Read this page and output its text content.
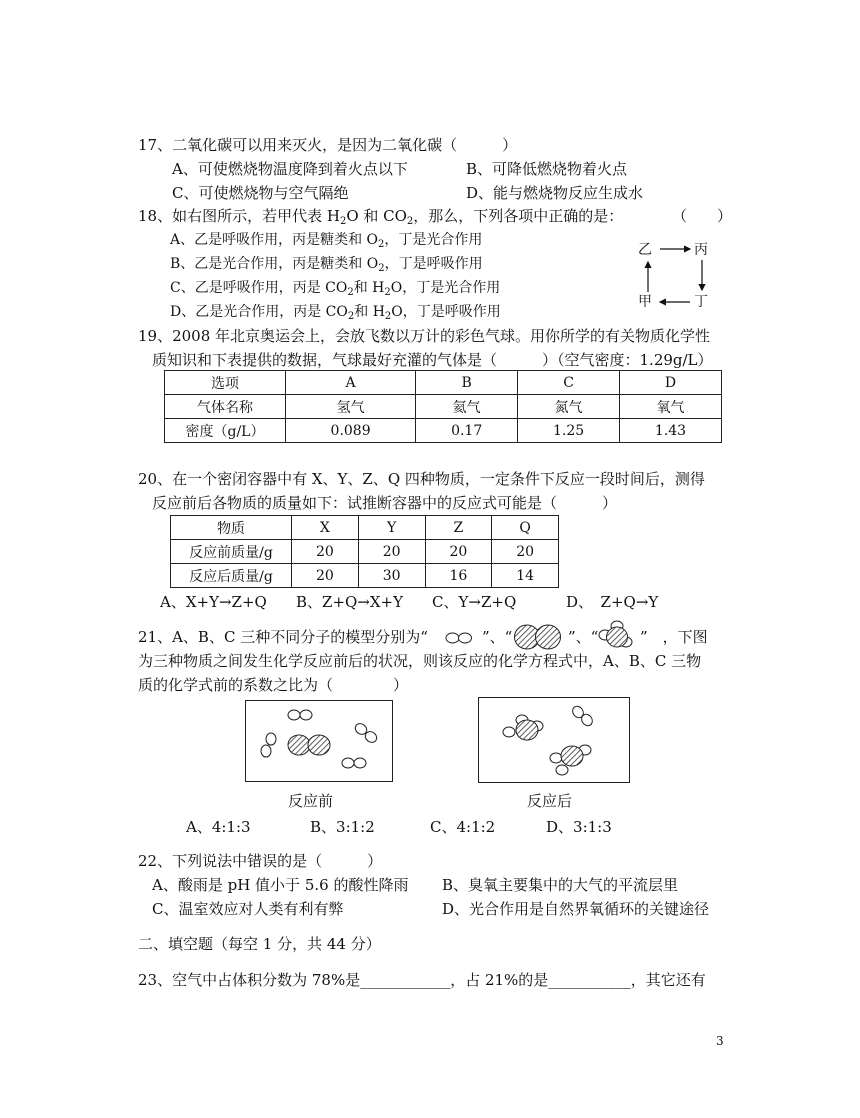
17、二氧化碳可以用来灭火，是因为二氧化碳（　　　）
A、可使燃烧物温度降到着火点以下	B、可降低燃烧物着火点
C、可使燃烧物与空气隔绝	D、能与燃烧物反应生成水
18、如右图所示，若甲代表 $H_2O$ 和 $CO_2$，那么，下列各项中正确的是：	（　　）
A、乙是呼吸作用，丙是糖类和 $O_2$，丁是光合作用
B、乙是光合作用，丙是糖类和 $O_2$，丁是呼吸作用
C、乙是呼吸作用，丙是 $CO_2$和 $H_2O$，丁是光合作用
D、乙是光合作用，丙是 $CO_2$和 $H_2O$，丁是呼吸作用
乙	丙
甲	丁
19、2008 年北京奥运会上，会放飞数以万计的彩色气球。用你所学的有关物质化学性
质知识和下表提供的数据，气球最好充灌的气体是（　　　）（空气密度：1.29g/L）
选项	A	B	C	D
气体名称	氢气	氦气	氮气	氧气
密度（g/L）	0.089	0.17	1.25	1.43
20、在一个密闭容器中有 X、Y、Z、Q 四种物质，一定条件下反应一段时间后，测得
反应前后各物质的质量如下：试推断容器中的反应式可能是（　　　）
物质	X	Y	Z	Q
反应前质量/g	20	20	20	20
反应后质量/g	20	30	16	14
A、X+Y→Z+Q B、Z+Q→X+Y C、Y→Z+Q	D、　Z+Q→Y
21、A、B、C 三种不同分子的模型分别为“	”、“	”、“	”　，下图
为三种物质之间发生化学反应前后的状况，则该反应的化学方程式中，A、B、C 三物
质的化学式前的系数之比为（　　　　）
反应前	反应后
A、4:1:3	B、3:1:2	C、4:1:2	D、3:1:3
22、下列说法中错误的是（　　　）
A、酸雨是 pH 值小于 5.6 的酸性降雨 B、臭氧主要集中的大气的平流层里
C、温室效应对人类有利有弊	D、光合作用是自然界氧循环的关键途径
二、填空题（每空 1 分，共 44 分）
23、空气中占体积分数为 78%是____________，占 21%的是___________，其它还有
3
